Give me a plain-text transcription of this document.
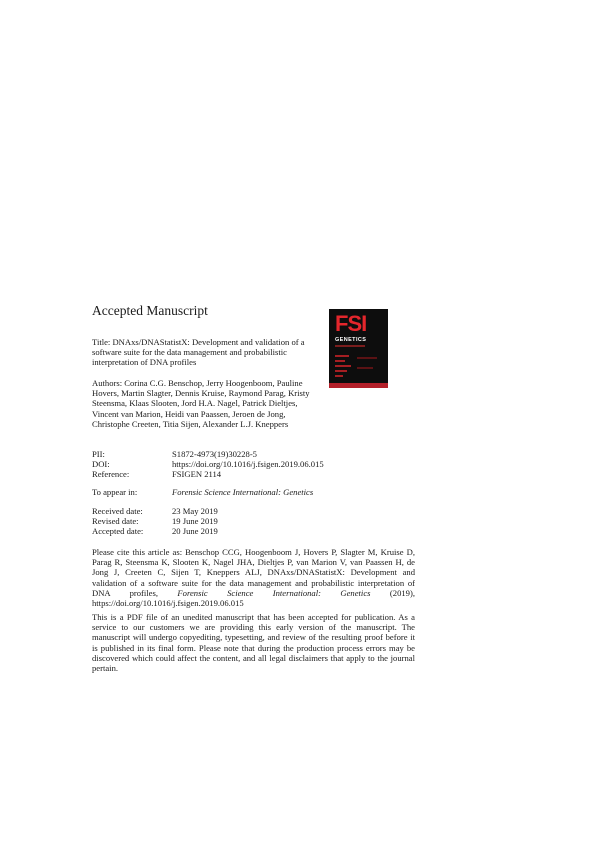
Accepted Manuscript
FSI
GENETICS
Title: DNAxs/DNAStatistX: Development and validation of a software suite for the data management and probabilistic interpretation of DNA profiles
Authors: Corina C.G. Benschop, Jerry Hoogenboom, Pauline Hovers, Martin Slagter, Dennis Kruise, Raymond Parag, Kristy Steensma, Klaas Slooten, Jord H.A. Nagel, Patrick Dieltjes, Vincent van Marion, Heidi van Paassen, Jeroen de Jong, Christophe Creeten, Titia Sijen, Alexander L.J. Kneppers
PII:	S1872-4973(19)30228-5
DOI:	https://doi.org/10.1016/j.fsigen.2019.06.015
Reference:	FSIGEN 2114
To appear in:	Forensic Science International: Genetics
Received date:	23 May 2019
Revised date:	19 June 2019
Accepted date:	20 June 2019
Please cite this article as: Benschop CCG, Hoogenboom J, Hovers P, Slagter M, Kruise D, Parag R, Steensma K, Slooten K, Nagel JHA, Dieltjes P, van Marion V, van Paassen H, de Jong J, Creeten C, Sijen T, Kneppers ALJ, DNAxs/DNAStatistX: Development and validation of a software suite for the data management and probabilistic interpretation of DNA profiles, Forensic Science International: Genetics (2019), https://doi.org/10.1016/j.fsigen.2019.06.015
This is a PDF file of an unedited manuscript that has been accepted for publication. As a service to our customers we are providing this early version of the manuscript. The manuscript will undergo copyediting, typesetting, and review of the resulting proof before it is published in its final form. Please note that during the production process errors may be discovered which could affect the content, and all legal disclaimers that apply to the journal pertain.
